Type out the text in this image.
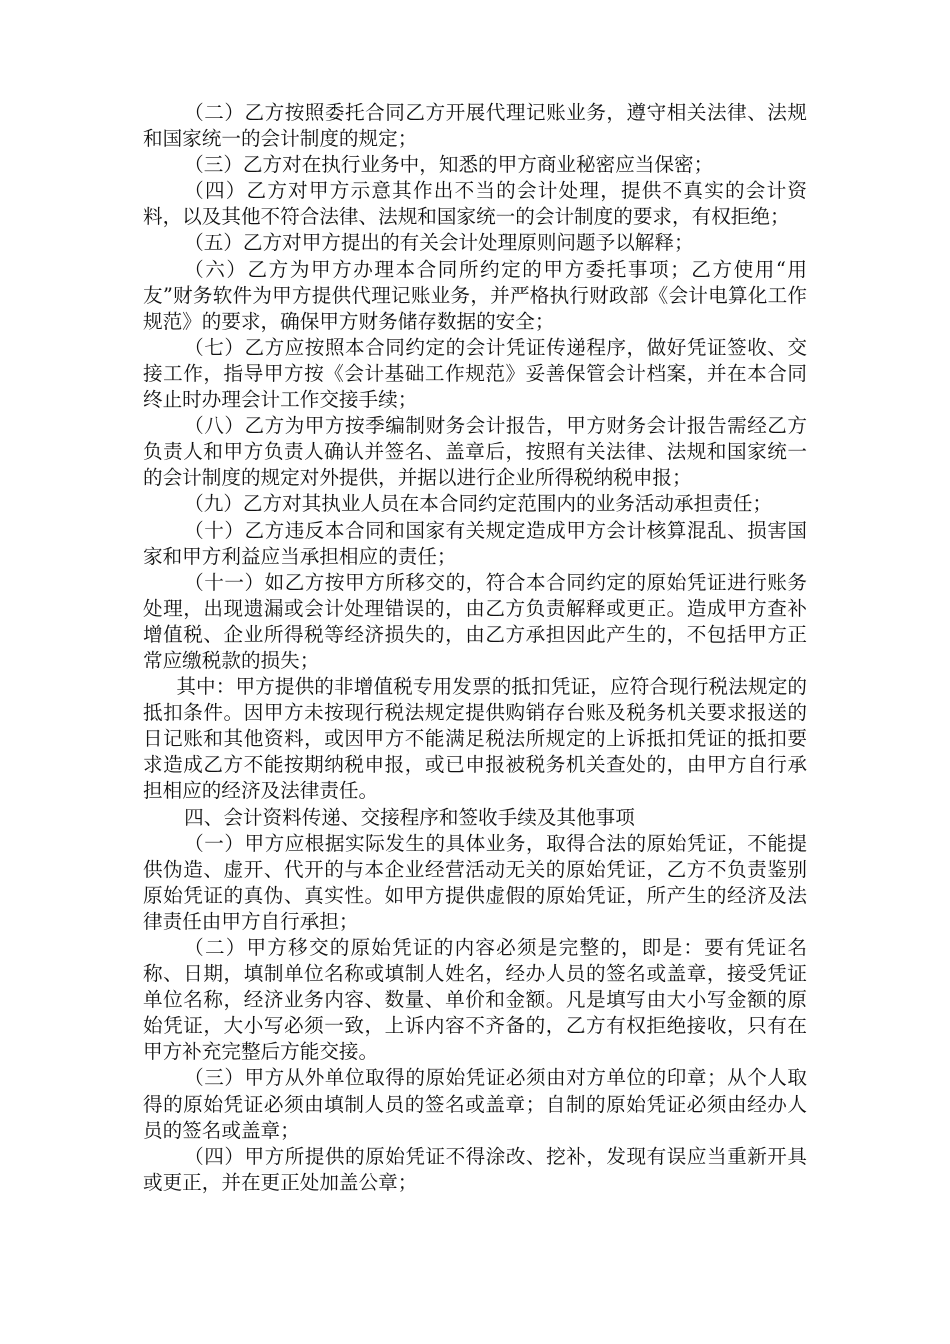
（二）乙方按照委托合同乙方开展代理记账业务，遵守相关法律、法规和国家统一的会计制度的规定；

（三）乙方对在执行业务中，知悉的甲方商业秘密应当保密；

（四）乙方对甲方示意其作出不当的会计处理，提供不真实的会计资料，以及其他不符合法律、法规和国家统一的会计制度的要求，有权拒绝；

（五）乙方对甲方提出的有关会计处理原则问题予以解释；

（六）乙方为甲方办理本合同所约定的甲方委托事项；乙方使用“用友”财务软件为甲方提供代理记账业务，并严格执行财政部《会计电算化工作规范》的要求，确保甲方财务储存数据的安全；

（七）乙方应按照本合同约定的会计凭证传递程序，做好凭证签收、交接工作，指导甲方按《会计基础工作规范》妥善保管会计档案，并在本合同终止时办理会计工作交接手续；

（八）乙方为甲方按季编制财务会计报告，甲方财务会计报告需经乙方负责人和甲方负责人确认并签名、盖章后，按照有关法律、法规和国家统一的会计制度的规定对外提供，并据以进行企业所得税纳税申报；

（九）乙方对其执业人员在本合同约定范围内的业务活动承担责任；

（十）乙方违反本合同和国家有关规定造成甲方会计核算混乱、损害国家和甲方利益应当承担相应的责任；

（十一）如乙方按甲方所移交的，符合本合同约定的原始凭证进行账务处理，出现遗漏或会计处理错误的，由乙方负责解释或更正。造成甲方查补增值税、企业所得税等经济损失的，由乙方承担因此产生的，不包括甲方正常应缴税款的损失；

其中：甲方提供的非增值税专用发票的抵扣凭证，应符合现行税法规定的抵扣条件。因甲方未按现行税法规定提供购销存台账及税务机关要求报送的日记账和其他资料，或因甲方不能满足税法所规定的上诉抵扣凭证的抵扣要求造成乙方不能按期纳税申报，或已申报被税务机关查处的，由甲方自行承担相应的经济及法律责任。

四、会计资料传递、交接程序和签收手续及其他事项

（一）甲方应根据实际发生的具体业务，取得合法的原始凭证，不能提供伪造、虚开、代开的与本企业经营活动无关的原始凭证，乙方不负责鉴别原始凭证的真伪、真实性。如甲方提供虚假的原始凭证，所产生的经济及法律责任由甲方自行承担；

（二）甲方移交的原始凭证的内容必须是完整的，即是：要有凭证名称、日期，填制单位名称或填制人姓名，经办人员的签名或盖章，接受凭证单位名称，经济业务内容、数量、单价和金额。凡是填写由大小写金额的原始凭证，大小写必须一致，上诉内容不齐备的，乙方有权拒绝接收，只有在甲方补充完整后方能交接。

（三）甲方从外单位取得的原始凭证必须由对方单位的印章；从个人取得的原始凭证必须由填制人员的签名或盖章；自制的原始凭证必须由经办人员的签名或盖章；

（四）甲方所提供的原始凭证不得涂改、挖补，发现有误应当重新开具或更正，并在更正处加盖公章；
